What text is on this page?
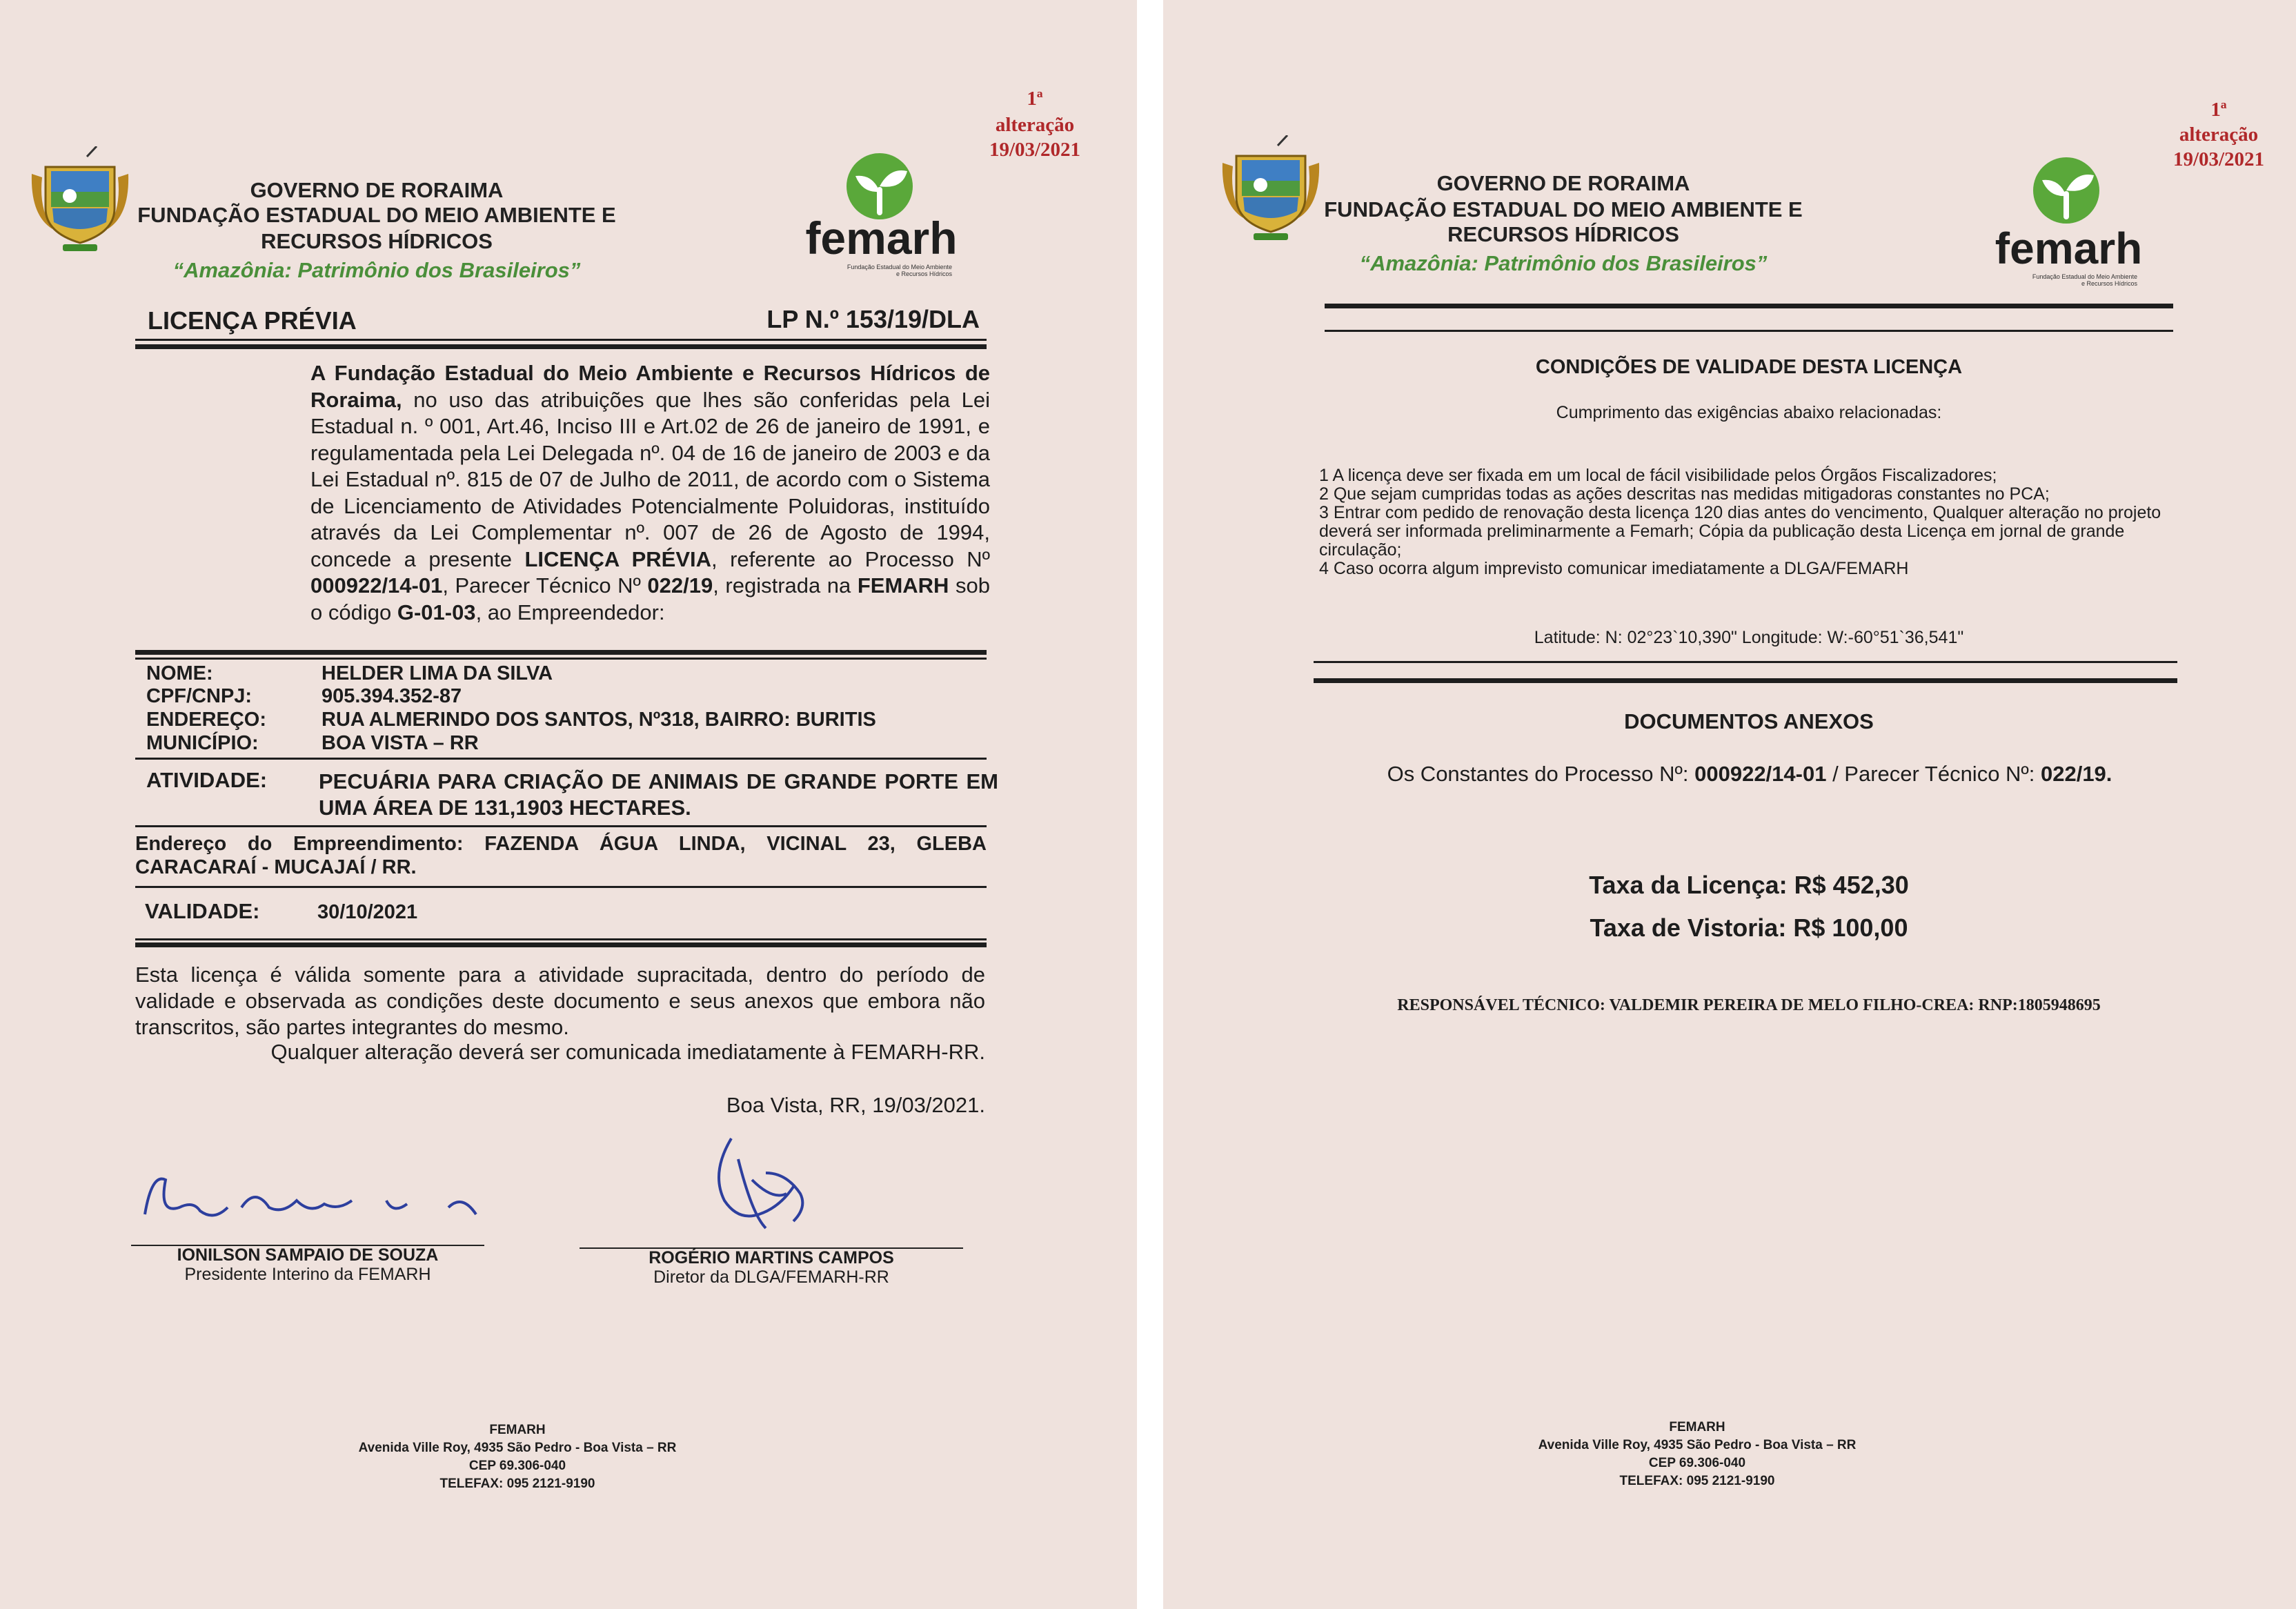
GOVERNO DE RORAIMA
FUNDAÇÃO ESTADUAL DO MEIO AMBIENTE E
RECURSOS HÍDRICOS
“Amazônia: Patrimônio dos Brasileiros”
femarh
Fundação Estadual do Meio Ambiente
e Recursos Hídricos
1ª
alteração
19/03/2021
LICENÇA PRÉVIA	LP N.º 153/19/DLA
A Fundação Estadual do Meio Ambiente e Recursos Hídricos de Roraima, no uso das atribuições que lhes são conferidas pela Lei Estadual n. º 001, Art.46, Inciso III e Art.02 de 26 de janeiro de 1991, e regulamentada pela Lei Delegada nº. 04 de 16 de janeiro de 2003 e da Lei Estadual nº. 815 de 07 de Julho de 2011, de acordo com o Sistema de Licenciamento de Atividades Potencialmente Poluidoras, instituído através da Lei Complementar nº. 007 de 26 de Agosto de 1994, concede a presente LICENÇA PRÉVIA, referente ao Processo Nº 000922/14-01, Parecer Técnico Nº 022/19, registrada na FEMARH sob o código G-01-03, ao Empreendedor:
NOME:	HELDER LIMA DA SILVA
CPF/CNPJ:	905.394.352-87
ENDEREÇO:	RUA ALMERINDO DOS SANTOS, Nº318, BAIRRO: BURITIS
MUNICÍPIO:	BOA VISTA – RR
ATIVIDADE: PECUÁRIA PARA CRIAÇÃO DE ANIMAIS DE GRANDE PORTE EM UMA ÁREA DE 131,1903 HECTARES.
Endereço do Empreendimento: FAZENDA ÁGUA LINDA, VICINAL 23, GLEBA CARACARAÍ - MUCAJAÍ / RR.
VALIDADE:	30/10/2021
Esta licença é válida somente para a atividade supracitada, dentro do período de validade e observada as condições deste documento e seus anexos que embora não transcritos, são partes integrantes do mesmo.
Qualquer alteração deverá ser comunicada imediatamente à FEMARH-RR.
Boa Vista, RR, 19/03/2021.
IONILSON SAMPAIO DE SOUZA
Presidente Interino da FEMARH
ROGÉRIO MARTINS CAMPOS
Diretor da DLGA/FEMARH-RR
FEMARH
Avenida Ville Roy, 4935 São Pedro - Boa Vista – RR
CEP 69.306-040
TELEFAX: 095 2121-9190
GOVERNO DE RORAIMA
FUNDAÇÃO ESTADUAL DO MEIO AMBIENTE E
RECURSOS HÍDRICOS
“Amazônia: Patrimônio dos Brasileiros”	femarh
Fundação Estadual do Meio Ambiente
e Recursos Hídricos
1ª
alteração
19/03/2021
CONDIÇÕES DE VALIDADE DESTA LICENÇA
Cumprimento das exigências abaixo relacionadas:
1 A licença deve ser fixada em um local de fácil visibilidade pelos Órgãos Fiscalizadores;
2 Que sejam cumpridas todas as ações descritas nas medidas mitigadoras constantes no PCA;
3 Entrar com pedido de renovação desta licença 120 dias antes do vencimento, Qualquer alteração no projeto deverá ser informada preliminarmente a Femarh; Cópia da publicação desta Licença em jornal de grande circulação;
4 Caso ocorra algum imprevisto comunicar imediatamente a DLGA/FEMARH
Latitude: N: 02°23`10,390" Longitude: W:-60°51`36,541"
DOCUMENTOS ANEXOS
Os Constantes do Processo Nº: 000922/14-01 / Parecer Técnico Nº: 022/19.
Taxa da Licença: R$ 452,30
Taxa de Vistoria: R$ 100,00
RESPONSÁVEL TÉCNICO: VALDEMIR PEREIRA DE MELO FILHO-CREA: RNP:1805948695
FEMARH
Avenida Ville Roy, 4935 São Pedro - Boa Vista – RR
CEP 69.306-040
TELEFAX: 095 2121-9190
